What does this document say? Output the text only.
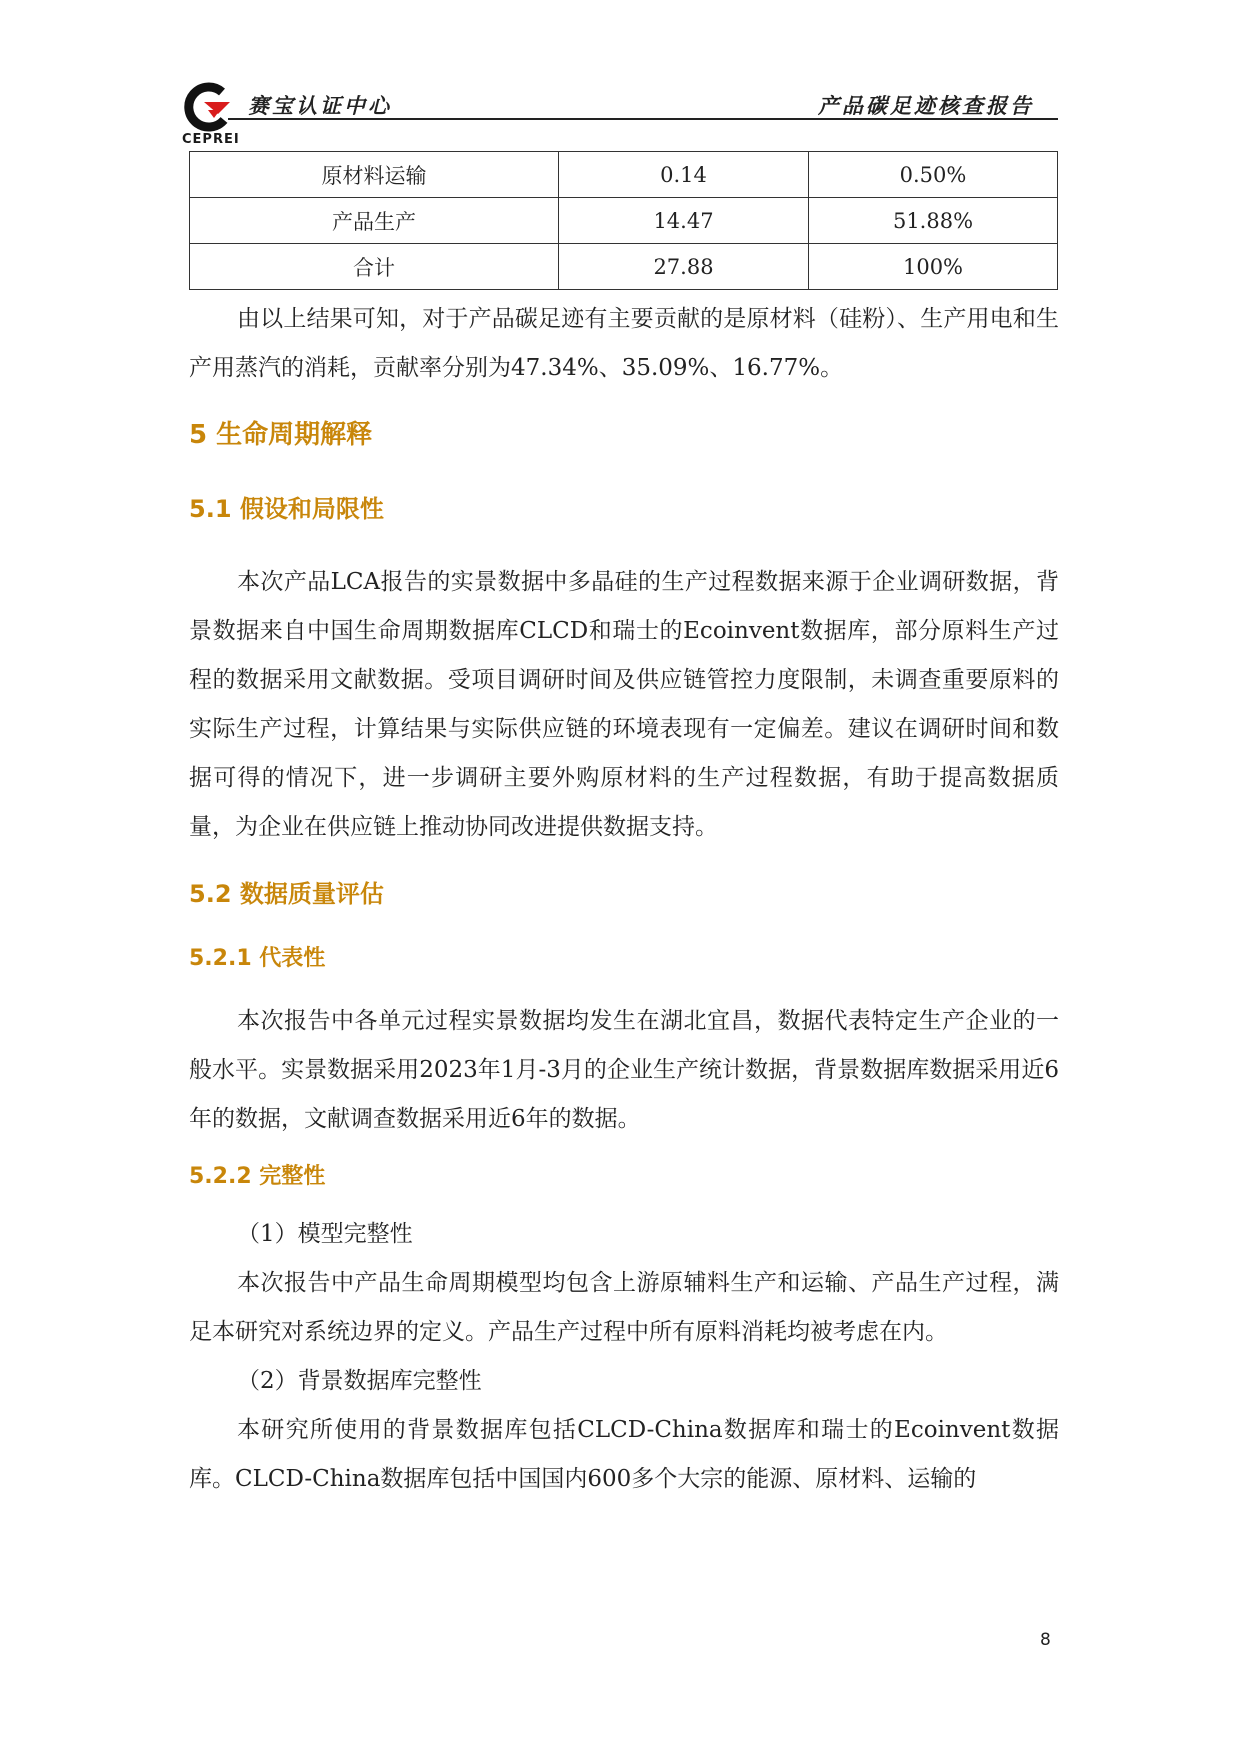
CEPREI
赛宝认证中心	产品碳足迹核查报告
原材料运输	0.14	0.50%
产品生产	14.47	51.88%
合计	27.88	100%

由以上结果可知，对于产品碳足迹有主要贡献的是原材料（硅粉）、生产用电和生产用蒸汽的消耗，贡献率分别为47.34%、35.09%、16.77%。

5 生命周期解释
5.1 假设和局限性

本次产品LCA报告的实景数据中多晶硅的生产过程数据来源于企业调研数据，背景数据来自中国生命周期数据库CLCD和瑞士的Ecoinvent数据库，部分原料生产过程的数据采用文献数据。受项目调研时间及供应链管控力度限制，未调查重要原料的实际生产过程，计算结果与实际供应链的环境表现有一定偏差。建议在调研时间和数据可得的情况下，进一步调研主要外购原材料的生产过程数据，有助于提高数据质量，为企业在供应链上推动协同改进提供数据支持。

5.2 数据质量评估
5.2.1 代表性

本次报告中各单元过程实景数据均发生在湖北宜昌，数据代表特定生产企业的一般水平。实景数据采用2023年1月-3月的企业生产统计数据，背景数据库数据采用近6年的数据，文献调查数据采用近6年的数据。

5.2.2 完整性

（1）模型完整性

本次报告中产品生命周期模型均包含上游原辅料生产和运输、产品生产过程，满足本研究对系统边界的定义。产品生产过程中所有原料消耗均被考虑在内。

（2）背景数据库完整性

本研究所使用的背景数据库包括CLCD-China数据库和瑞士的Ecoinvent数据库。CLCD-China数据库包括中国国内600多个大宗的能源、原材料、运输的

8
